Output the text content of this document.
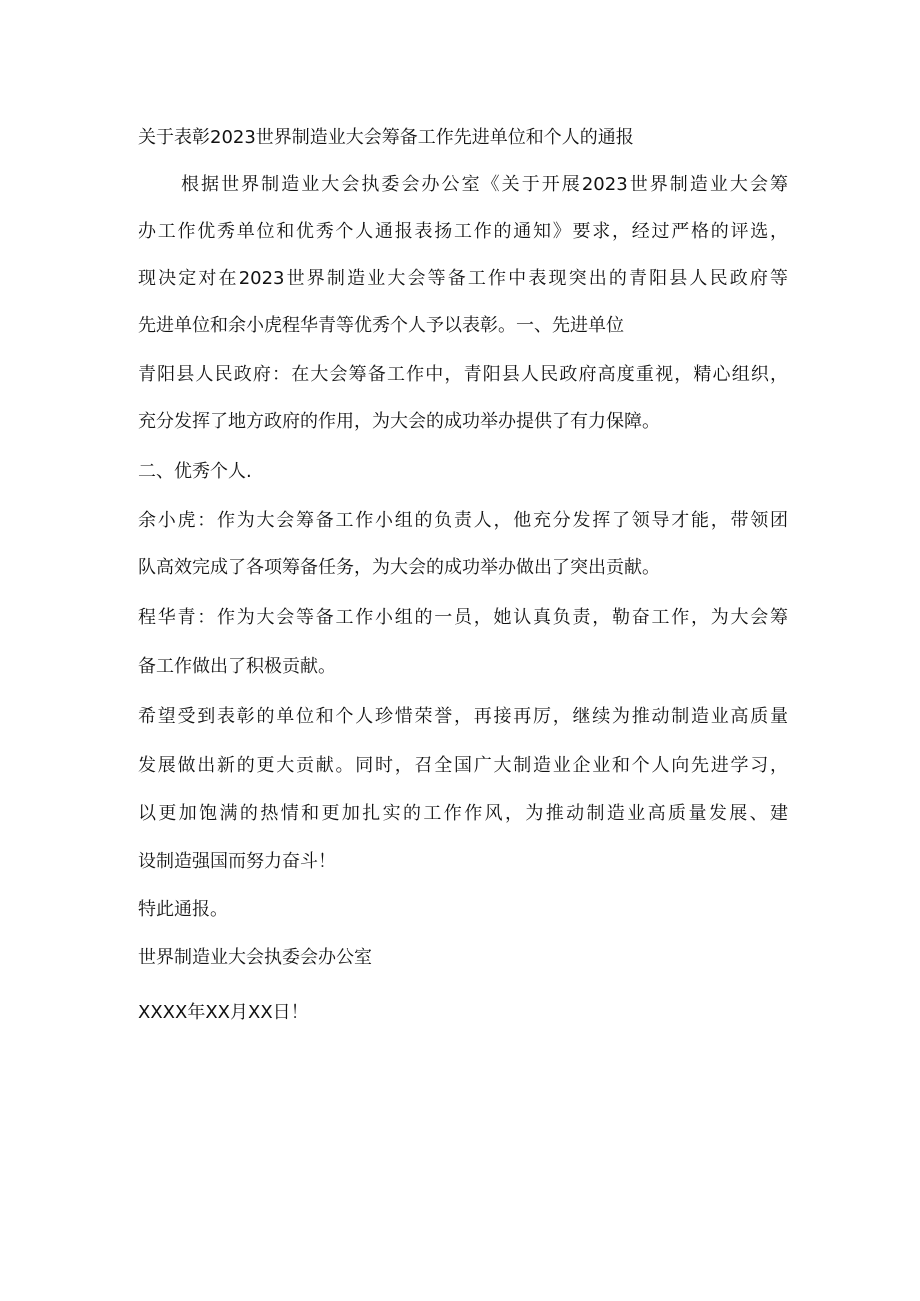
关于表彰2023世界制造业大会筹备工作先进单位和个人的通报
根据世界制造业大会执委会办公室《关于开展2023世界制造业大会筹
办工作优秀单位和优秀个人通报表扬工作的通知》要求，经过严格的评选，
现决定对在2023世界制造业大会等备工作中表现突出的青阳县人民政府等
先进单位和余小虎程华青等优秀个人予以表彰。一、先进单位
青阳县人民政府：在大会筹备工作中，青阳县人民政府高度重视，精心组织，
充分发挥了地方政府的作用，为大会的成功举办提供了有力保障。
二、优秀个人.
余小虎：作为大会筹备工作小组的负责人，他充分发挥了领导才能，带领团
队高效完成了各项筹备任务，为大会的成功举办做出了突出贡献。
程华青：作为大会等备工作小组的一员，她认真负责，勒奋工作，为大会筹
备工作做出了积极贡献。
希望受到表彰的单位和个人珍惜荣誉，再接再厉，继续为推动制造业高质量
发展做出新的更大贡献。同时，召全国广大制造业企业和个人向先进学习，
以更加饱满的热情和更加扎实的工作作风，为推动制造业高质量发展、建
设制造强国而努力奋斗！
特此通报。
世界制造业大会执委会办公室
XXXX年XX月XX日！
